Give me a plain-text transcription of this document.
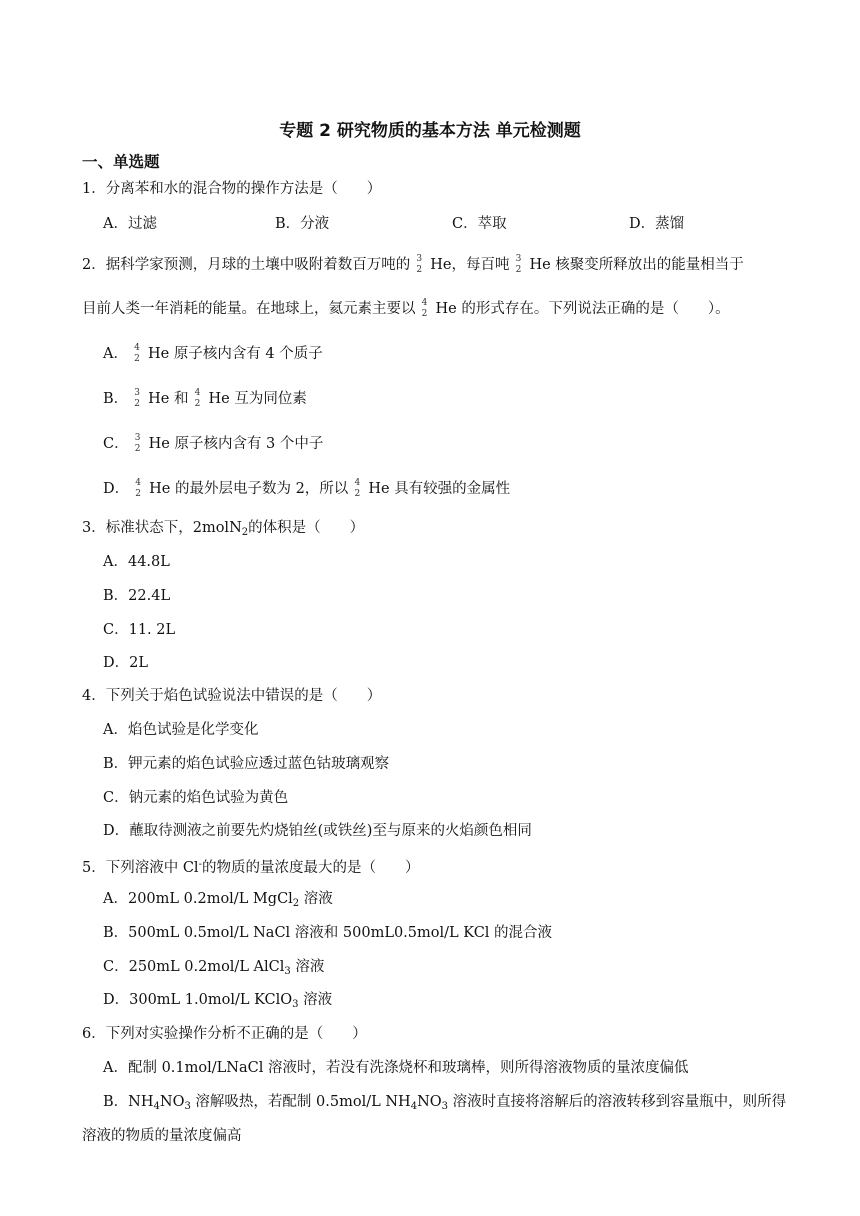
专题 2 研究物质的基本方法 单元检测题
一、单选题
1．分离苯和水的混合物的操作方法是（　　）
A．过滤	B．分液	C．萃取	D．蒸馏
2．据科学家预测，月球的土壤中吸附着数百万吨的 3
2 He，每百吨 3
2 He 核聚变所释放出的能量相当于
目前人类一年消耗的能量。在地球上，氦元素主要以 4
2 He 的形式存在。下列说法正确的是（　　）。
A． 4
2 He 原子核内含有 4 个质子
B． 3
2 He 和 4
2 He 互为同位素
C． 3
2 He 原子核内含有 3 个中子
D． 4
2 He 的最外层电子数为 2，所以 4
2 He 具有较强的金属性
3．标准状态下，2molN$_2$的体积是（　　）
A．44.8L
B．22.4L
C．11. 2L
D．2L
4．下列关于焰色试验说法中错误的是（　　）
A．焰色试验是化学变化
B．钾元素的焰色试验应透过蓝色钴玻璃观察
C．钠元素的焰色试验为黄色
D．蘸取待测液之前要先灼烧铂丝(或铁丝)至与原来的火焰颜色相同
5．下列溶液中 Cl-的物质的量浓度最大的是（　　）
A．200mL 0.2mol/L MgCl$_2$ 溶液
B．500mL 0.5mol/L NaCl 溶液和 500mL0.5mol/L KCl 的混合液
C．250mL 0.2mol/L AlCl$_3$ 溶液
D．300mL 1.0mol/L KClO$_3$ 溶液
6．下列对实验操作分析不正确的是（　　）
A．配制 0.1mol/LNaCl 溶液时，若没有洗涤烧杯和玻璃棒，则所得溶液物质的量浓度偏低
B．$NH_4NO_3$ 溶解吸热，若配制 0.5mol/L $NH_4NO_3$ 溶液时直接将溶解后的溶液转移到容量瓶中，则所得
溶液的物质的量浓度偏高
